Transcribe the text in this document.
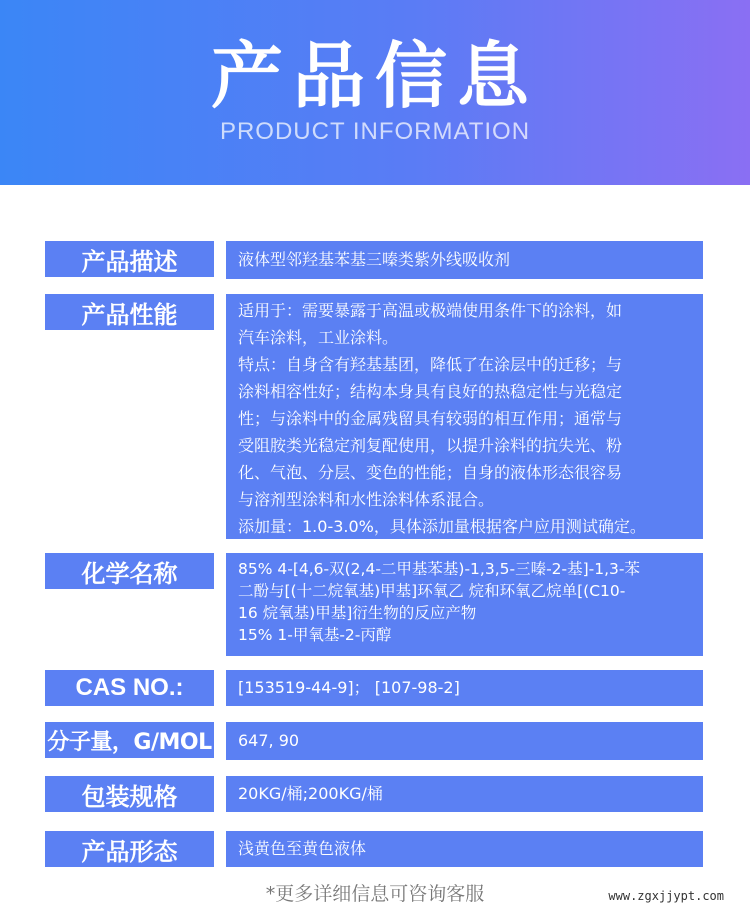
产品信息
PRODUCT INFORMATION
产品描述	液体型邻羟基苯基三嗪类紫外线吸收剂

产品性能	适用于：需要暴露于高温或极端使用条件下的涂料，如

汽车涂料，工业涂料。

特点：自身含有羟基基团，降低了在涂层中的迁移；与

涂料相容性好；结构本身具有良好的热稳定性与光稳定

性；与涂料中的金属残留具有较弱的相互作用；通常与

受阻胺类光稳定剂复配使用，以提升涂料的抗失光、粉

化、气泡、分层、变色的性能；自身的液体形态很容易

与溶剂型涂料和水性涂料体系混合。

添加量：1.0-3.0%，具体添加量根据客户应用测试确定。

化学名称	85% 4-[4,6-双(2,4-二甲基苯基)-1,3,5-三嗪-2-基]-1,3-苯

二酚与[(十二烷氧基)甲基]环氧乙 烷和环氧乙烷单[(C10-

16 烷氧基)甲基]衍生物的反应产物

15% 1-甲氧基-2-丙醇

CAS NO.:	[153519-44-9]； [107-98-2]

分子量，G/MOL 647, 90

包装规格	20KG/桶;200KG/桶

产品形态	浅黄色至黄色液体

*更多详细信息可咨询客服	www.zgxjjypt.com
